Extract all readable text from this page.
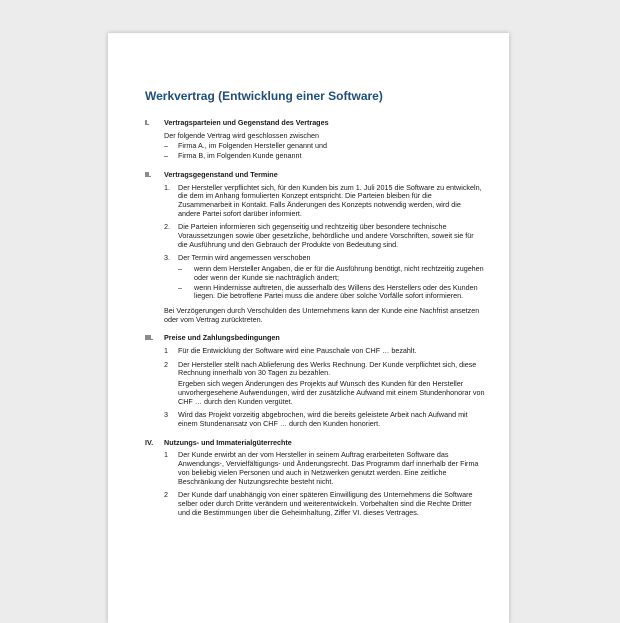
Werkvertrag (Entwicklung einer Software)
I.	Vertragsparteien und Gegenstand des Vertrages
Der folgende Vertrag wird geschlossen zwischen
–	Firma A., im Folgenden Hersteller genannt und
–	Firma B, im Folgenden Kunde genannt
II.	Vertragsgegenstand und Termine
1.	Der Hersteller verpflichtet sich, für den Kunden bis zum 1. Juli 2015 die Software zu entwickeln, die dem im Anhang formulierten Konzept entspricht. Die Parteien bleiben für die Zusammenarbeit in Kontakt. Falls Änderungen des Konzepts notwendig werden, wird die andere Partei sofort darüber informiert.
2.	Die Parteien informieren sich gegenseitig und rechtzeitig über besondere technische Voraussetzungen sowie über gesetzliche, behördliche und andere Vorschriften, soweit sie für die Ausführung und den Gebrauch der Produkte von Bedeutung sind.
3.	Der Termin wird angemessen verschoben
–	wenn dem Hersteller Angaben, die er für die Ausführung benötigt, nicht rechtzeitig zugehen oder wenn der Kunde sie nachträglich ändert;
–	wenn Hindernisse auftreten, die ausserhalb des Willens des Herstellers oder des Kunden liegen. Die betroffene Partei muss die andere über solche Vorfälle sofort informieren.
Bei Verzögerungen durch Verschulden des Unternehmens kann der Kunde eine Nachfrist ansetzen oder vom Vertrag zurücktreten.
III.	Preise und Zahlungsbedingungen
1	Für die Entwicklung der Software wird eine Pauschale von CHF … bezahlt.
2	Der Hersteller stellt nach Ablieferung des Werks Rechnung. Der Kunde verpflichtet sich, diese Rechnung innerhalb von 30 Tagen zu bezahlen.
Ergeben sich wegen Änderungen des Projekts auf Wunsch des Kunden für den Hersteller unvorhergesehene Aufwendungen, wird der zusätzliche Aufwand mit einem Stundenhonorar von CHF … durch den Kunden vergütet.
3	Wird das Projekt vorzeitig abgebrochen, wird die bereits geleistete Arbeit nach Aufwand mit einem Stundenansatz von CHF … durch den Kunden honoriert.
IV.	Nutzungs- und Immaterialgüterrechte
1	Der Kunde erwirbt an der vom Hersteller in seinem Auftrag erarbeiteten Software das Anwendungs-, Vervielfältigungs- und Änderungsrecht. Das Programm darf innerhalb der Firma von beliebig vielen Personen und auch in Netzwerken genutzt werden. Eine zeitliche Beschränkung der Nutzungsrechte besteht nicht.
2	Der Kunde darf unabhängig von einer späteren Einwilligung des Unternehmens die Software selber oder durch Dritte verändern und weiterentwickeln. Vorbehalten sind die Rechte Dritter und die Bestimmungen über die Geheimhaltung, Ziffer VI. dieses Vertrages.
